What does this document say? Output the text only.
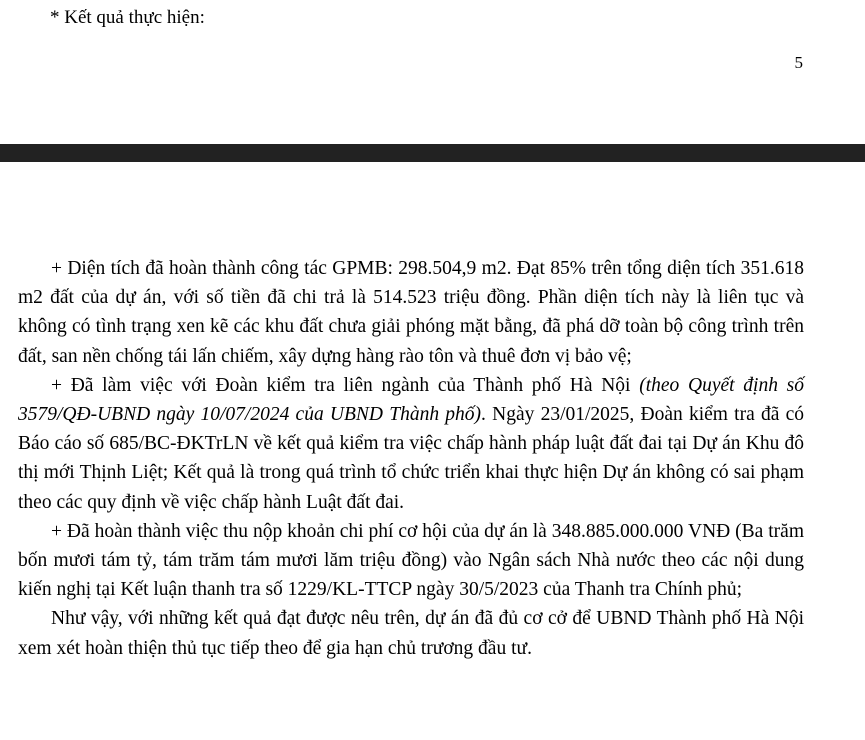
* Kết quả thực hiện:
5

+ Diện tích đã hoàn thành công tác GPMB: 298.504,9 m2. Đạt 85% trên tổng diện tích 351.618 m2 đất của dự án, với số tiền đã chi trả là 514.523 triệu đồng. Phần diện tích này là liên tục và không có tình trạng xen kẽ các khu đất chưa giải phóng mặt bằng, đã phá dỡ toàn bộ công trình trên đất, san nền chống tái lấn chiếm, xây dựng hàng rào tôn và thuê đơn vị bảo vệ;

+ Đã làm việc với Đoàn kiểm tra liên ngành của Thành phố Hà Nội (theo Quyết định số 3579/QĐ-UBND ngày 10/07/2024 của UBND Thành phố). Ngày 23/01/2025, Đoàn kiểm tra đã có Báo cáo số 685/BC-ĐKTrLN về kết quả kiểm tra việc chấp hành pháp luật đất đai tại Dự án Khu đô thị mới Thịnh Liệt; Kết quả là trong quá trình tổ chức triển khai thực hiện Dự án không có sai phạm theo các quy định về việc chấp hành Luật đất đai.

+ Đã hoàn thành việc thu nộp khoản chi phí cơ hội của dự án là 348.885.000.000 VNĐ (Ba trăm bốn mươi tám tỷ, tám trăm tám mươi lăm triệu đồng) vào Ngân sách Nhà nước theo các nội dung kiến nghị tại Kết luận thanh tra số 1229/KL-TTCP ngày 30/5/2023 của Thanh tra Chính phủ;

Như vậy, với những kết quả đạt được nêu trên, dự án đã đủ cơ cở để UBND Thành phố Hà Nội xem xét hoàn thiện thủ tục tiếp theo để gia hạn chủ trương đầu tư.
